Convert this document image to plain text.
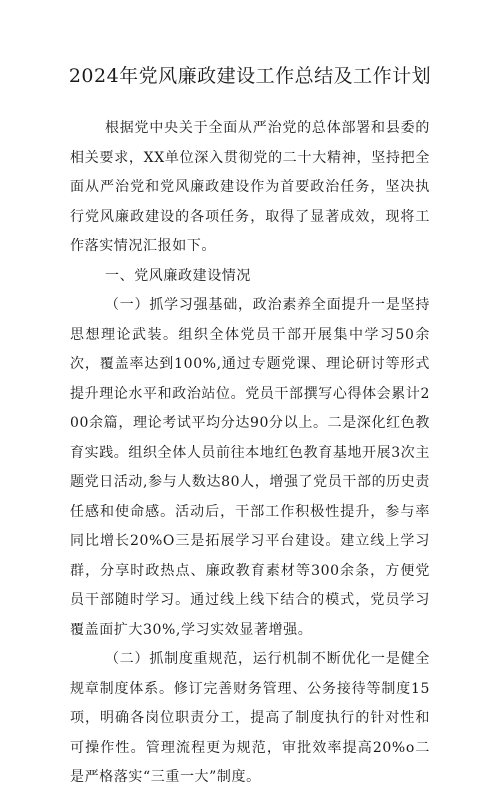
2024年党风廉政建设工作总结及工作计划

根据党中央关于全面从严治党的总体部署和县委的相关要求，XX单位深入贯彻党的二十大精神，坚持把全面从严治党和党风廉政建设作为首要政治任务，坚决执行党风廉政建设的各项任务，取得了显著成效，现将工作落实情况汇报如下。

一、党风廉政建设情况

（一）抓学习强基础，政治素养全面提升一是坚持思想理论武装。组织全体党员干部开展集中学习50余次，覆盖率达到100%,通过专题党课、理论研讨等形式提升理论水平和政治站位。党员干部撰写心得体会累计200余篇，理论考试平均分达90分以上。二是深化红色教育实践。组织全体人员前往本地红色教育基地开展3次主题党日活动,参与人数达80人，增强了党员干部的历史责任感和使命感。活动后，干部工作积极性提升，参与率同比增长20%O三是拓展学习平台建设。建立线上学习群，分享时政热点、廉政教育素材等300余条，方便党员干部随时学习。通过线上线下结合的模式，党员学习覆盖面扩大30%,学习实效显著增强。

（二）抓制度重规范，运行机制不断优化一是健全规章制度体系。修订完善财务管理、公务接待等制度15项，明确各岗位职责分工，提高了制度执行的针对性和可操作性。管理流程更为规范，审批效率提高20%o二是严格落实“三重一大”制度。
